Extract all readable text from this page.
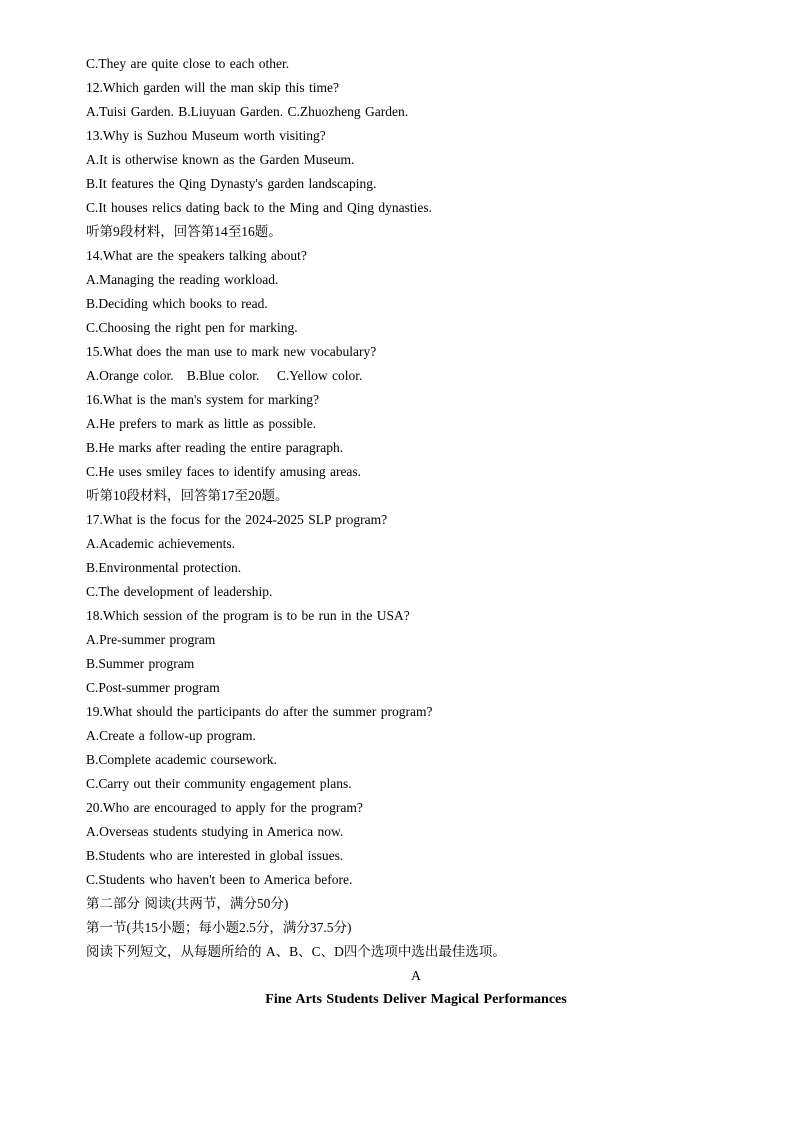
C.They are quite close to each other.
12.Which garden will the man skip this time?
A.Tuisi Garden. B.Liuyuan Garden. C.Zhuozheng Garden.
13.Why is Suzhou Museum worth visiting?
A.It is otherwise known as the Garden Museum.
B.It features the Qing Dynasty's garden landscaping.
C.It houses relics dating back to the Ming and Qing dynasties.
听第9段材料，回答第14至16题。
14.What are the speakers talking about?
A.Managing the reading workload.
B.Deciding which books to read.
C.Choosing the right pen for marking.
15.What does the man use to mark new vocabulary?
A.Orange color.   B.Blue color.    C.Yellow color.
16.What is the man's system for marking?
A.He prefers to mark as little as possible.
B.He marks after reading the entire paragraph.
C.He uses smiley faces to identify amusing areas.
听第10段材料，回答第17至20题。
17.What is the focus for the 2024-2025 SLP program?
A.Academic achievements.
B.Environmental protection.
C.The development of leadership.
18.Which session of the program is to be run in the USA?
A.Pre-summer program
B.Summer program
C.Post-summer program
19.What should the participants do after the summer program?
A.Create a follow-up program.
B.Complete academic coursework.
C.Carry out their community engagement plans.
20.Who are encouraged to apply for the program?
A.Overseas students studying in America now.
B.Students who are interested in global issues.
C.Students who haven't been to America before.
第二部分 阅读(共两节，满分50分)
第一节(共15小题；每小题2.5分，满分37.5分)
阅读下列短文，从每题所给的 A、B、C、D四个选项中选出最佳选项。
A
Fine Arts Students Deliver Magical Performances
